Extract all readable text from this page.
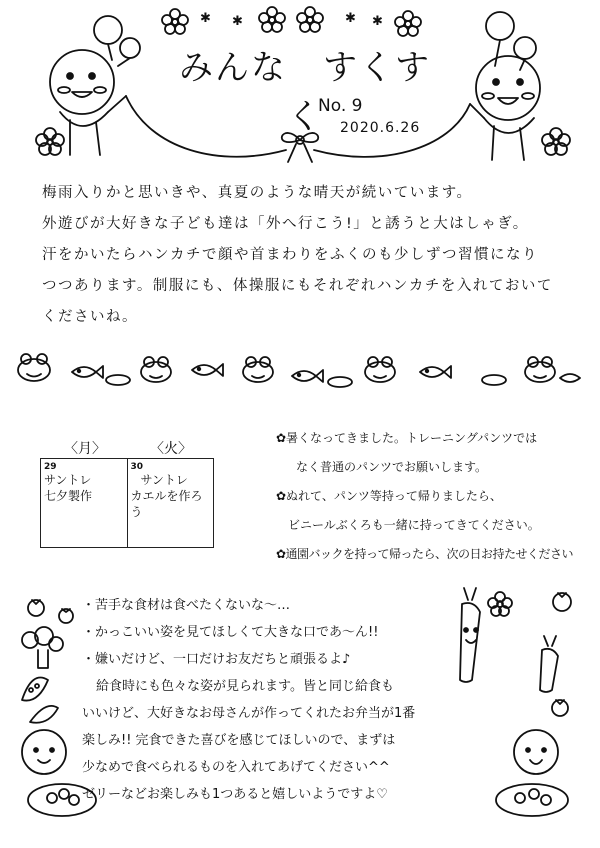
✱ ✱	✱ ✱
みんな　すくすく
No. 9
2020.6.26
梅雨入りかと思いきや、真夏のような晴天が続いています。
外遊びが大好きな子ども達は「外へ行こう!」と誘うと大はしゃぎ。
汗をかいたらハンカチで顔や首まわりをふくのも少しずつ習慣になり
つつあります。制服にも、体操服にもそれぞれハンカチを入れておいて
くださいね。
〈月〉	〈火〉
29
サントレ
七夕製作
30
サントレ
カエルを作ろう
✿暑くなってきました。トレーニングパンツでは
なく普通のパンツでお願いします。
✿ぬれて、パンツ等持って帰りましたら、
ビニールぶくろも一緒に持ってきてください。
✿通園バックを持って帰ったら、次の日お持たせください
・苦手な食材は食べたくないな～…
・かっこいい姿を見てほしくて大きな口であ～ん!!
・嫌いだけど、一口だけお友だちと頑張るよ♪
給食時にも色々な姿が見られます。皆と同じ給食も
いいけど、大好きなお母さんが作ってくれたお弁当が1番
楽しみ!! 完食できた喜びを感じてほしいので、まずは
少なめで食べられるものを入れてあげてください^^
ゼリーなどお楽しみも1つあると嬉しいようですよ♡
